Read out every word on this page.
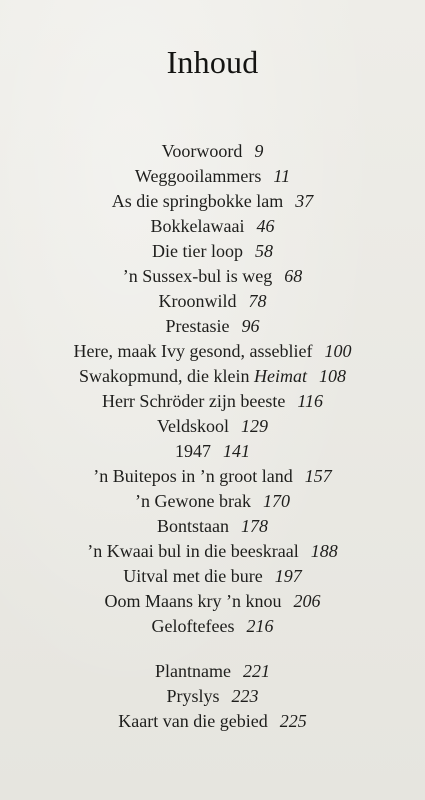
Inhoud
Voorwoord 9
Weggooilammers 11
As die springbokke lam 37
Bokkelawaai 46
Die tier loop 58
’n Sussex-bul is weg 68
Kroonwild 78
Prestasie 96
Here, maak Ivy gesond, asseblief 100
Swakopmund, die klein Heimat 108
Herr Schröder zijn beeste 116
Veldskool 129
1947 141
’n Buitepos in ’n groot land 157
’n Gewone brak 170
Bontstaan 178
’n Kwaai bul in die beeskraal 188
Uitval met die bure 197
Oom Maans kry ’n knou 206
Geloftefees 216
Plantname 221
Pryslys 223
Kaart van die gebied 225
